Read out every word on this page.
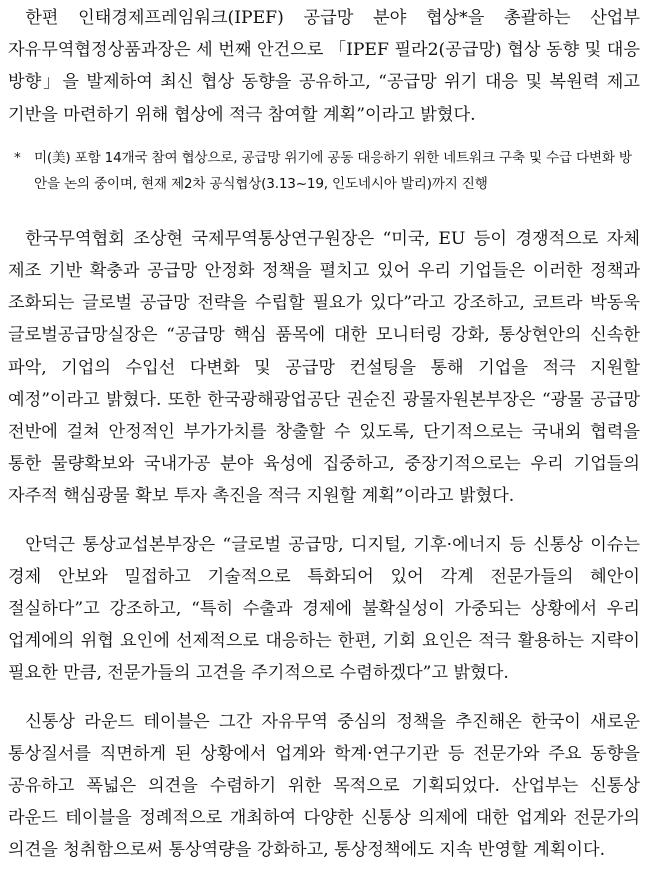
한편 인태경제프레임워크(IPEF) 공급망 분야 협상*을 총괄하는 산업부 자유무역협정상품과장은 세 번째 안건으로 「IPEF 필라2(공급망) 협상 동향 및 대응 방향」을 발제하여 최신 협상 동향을 공유하고, “공급망 위기 대응 및 복원력 제고 기반을 마련하기 위해 협상에 적극 참여할 계획”이라고 밝혔다.

* 미(美) 포함 14개국 참여 협상으로, 공급망 위기에 공동 대응하기 위한 네트워크 구축 및 수급 다변화 방안을 논의 중이며, 현재 제2차 공식협상(3.13~19, 인도네시아 발리)까지 진행

한국무역협회 조상현 국제무역통상연구원장은 “미국, EU 등이 경쟁적으로 자체 제조 기반 확충과 공급망 안정화 정책을 펼치고 있어 우리 기업들은 이러한 정책과 조화되는 글로벌 공급망 전략을 수립할 필요가 있다”라고 강조하고, 코트라 박동욱 글로벌공급망실장은 “공급망 핵심 품목에 대한 모니터링 강화, 통상현안의 신속한 파악, 기업의 수입선 다변화 및 공급망 컨설팅을 통해 기업을 적극 지원할 예정”이라고 밝혔다. 또한 한국광해광업공단 권순진 광물자원본부장은 “광물 공급망 전반에 걸쳐 안정적인 부가가치를 창출할 수 있도록, 단기적으로는 국내외 협력을 통한 물량확보와 국내가공 분야 육성에 집중하고, 중장기적으로는 우리 기업들의 자주적 핵심광물 확보 투자 촉진을 적극 지원할 계획”이라고 밝혔다.

안덕근 통상교섭본부장은 “글로벌 공급망, 디지털, 기후·에너지 등 신통상 이슈는 경제 안보와 밀접하고 기술적으로 특화되어 있어 각계 전문가들의 혜안이 절실하다”고 강조하고, “특히 수출과 경제에 불확실성이 가중되는 상황에서 우리 업계에의 위협 요인에 선제적으로 대응하는 한편, 기회 요인은 적극 활용하는 지략이 필요한 만큼, 전문가들의 고견을 주기적으로 수렴하겠다”고 밝혔다.

신통상 라운드 테이블은 그간 자유무역 중심의 정책을 추진해온 한국이 새로운 통상질서를 직면하게 된 상황에서 업계와 학계·연구기관 등 전문가와 주요 동향을 공유하고 폭넓은 의견을 수렴하기 위한 목적으로 기획되었다. 산업부는 신통상 라운드 테이블을 정례적으로 개최하여 다양한 신통상 의제에 대한 업계와 전문가의 의견을 청취함으로써 통상역량을 강화하고, 통상정책에도 지속 반영할 계획이다.
